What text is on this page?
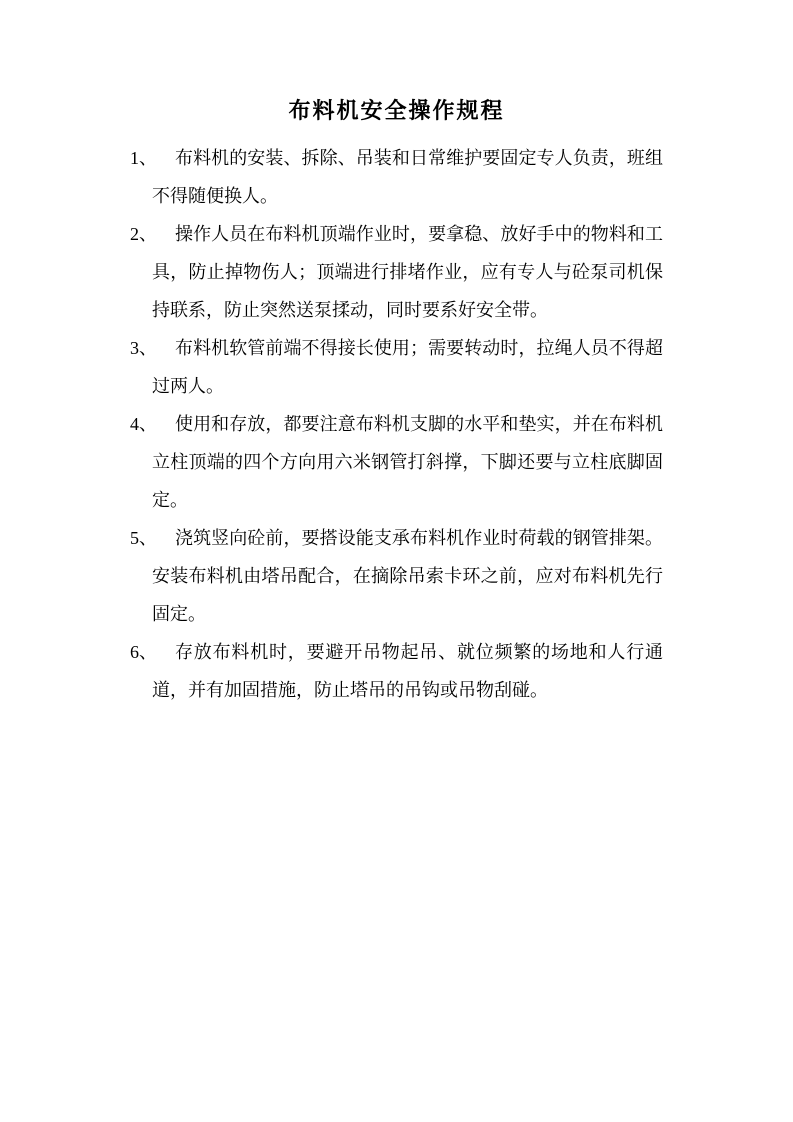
布料机安全操作规程
1、 布料机的安装、拆除、吊装和日常维护要固定专人负责，班组不得随便换人。
2、 操作人员在布料机顶端作业时，要拿稳、放好手中的物料和工具，防止掉物伤人；顶端进行排堵作业，应有专人与砼泵司机保持联系，防止突然送泵揉动，同时要系好安全带。
3、 布料机软管前端不得接长使用；需要转动时，拉绳人员不得超过两人。
4、 使用和存放，都要注意布料机支脚的水平和垫实，并在布料机立柱顶端的四个方向用六米钢管打斜撑，下脚还要与立柱底脚固定。
5、 浇筑竖向砼前，要搭设能支承布料机作业时荷载的钢管排架。安装布料机由塔吊配合，在摘除吊索卡环之前，应对布料机先行固定。
6、 存放布料机时，要避开吊物起吊、就位频繁的场地和人行通道，并有加固措施，防止塔吊的吊钩或吊物刮碰。
